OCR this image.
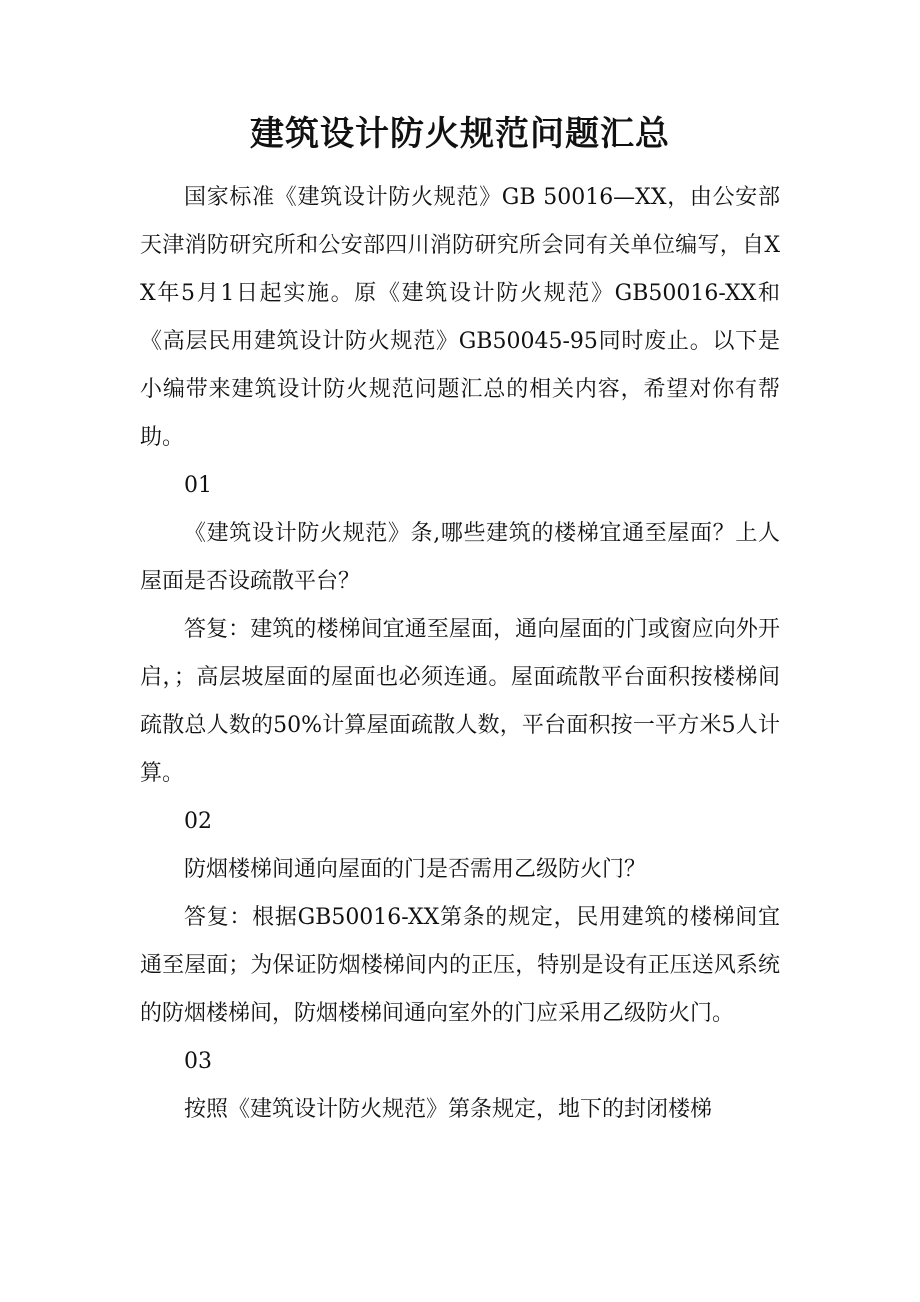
建筑设计防火规范问题汇总

国家标准《建筑设计防火规范》GB 50016—XX，由公安部天津消防研究所和公安部四川消防研究所会同有关单位编写，自XX年5月1日起实施。原《建筑设计防火规范》GB50016-XX和《高层民用建筑设计防火规范》GB50045-95同时废止。以下是小编带来建筑设计防火规范问题汇总的相关内容，希望对你有帮助。

01

《建筑设计防火规范》条,哪些建筑的楼梯宜通至屋面？上人屋面是否设疏散平台？

答复：建筑的楼梯间宜通至屋面，通向屋面的门或窗应向外开启，；高层坡屋面的屋面也必须连通。屋面疏散平台面积按楼梯间疏散总人数的50%计算屋面疏散人数，平台面积按一平方米5人计算。

02

防烟楼梯间通向屋面的门是否需用乙级防火门？

答复：根据GB50016-XX第条的规定，民用建筑的楼梯间宜通至屋面；为保证防烟楼梯间内的正压，特别是设有正压送风系统的防烟楼梯间，防烟楼梯间通向室外的门应采用乙级防火门。

03

按照《建筑设计防火规范》第条规定，地下的封闭楼梯
